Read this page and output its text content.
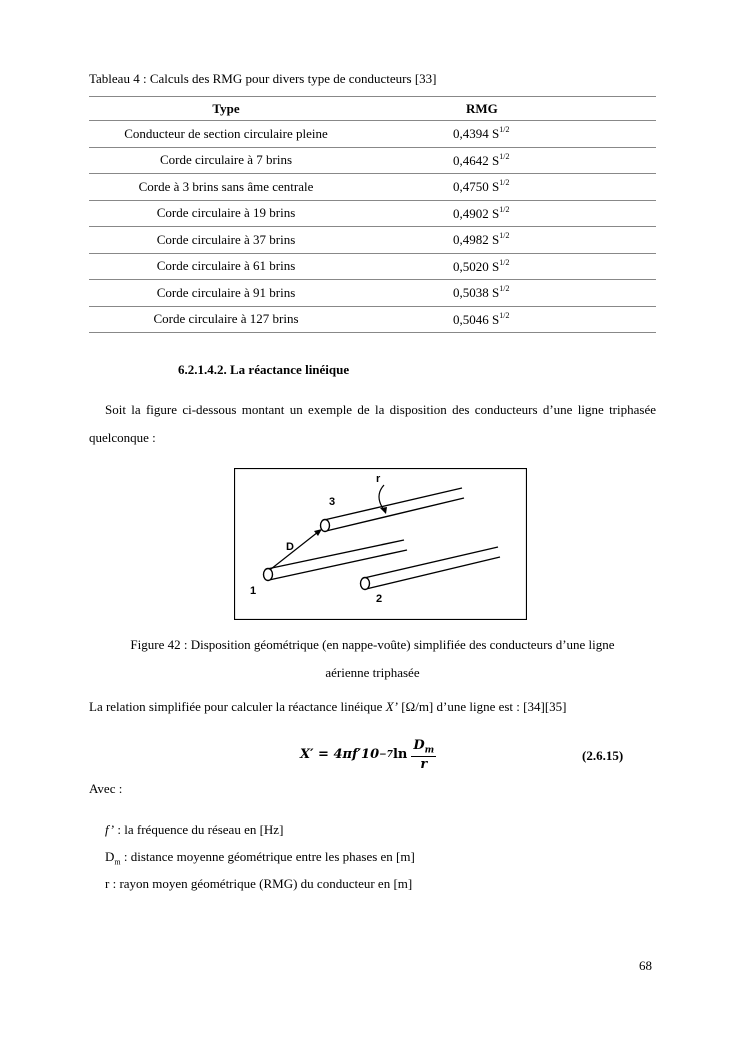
Tableau 4 : Calculs des RMG pour divers type de conducteurs [33]
Type	RMG
Conducteur de section circulaire pleine	0,4394 $S^{1/2}$
Corde circulaire à 7 brins	0,4642 $S^{1/2}$
Corde à 3 brins sans âme centrale	0,4750 $S^{1/2}$
Corde circulaire à 19 brins	0,4902 $S^{1/2}$
Corde circulaire à 37 brins	0,4982 $S^{1/2}$
Corde circulaire à 61 brins	0,5020 $S^{1/2}$
Corde circulaire à 91 brins	0,5038 $S^{1/2}$
Corde circulaire à 127 brins	0,5046 $S^{1/2}$
6.2.1.4.2. La réactance linéique
Soit la figure ci-dessous montant un exemple de la disposition des conducteurs d’une ligne triphasée quelconque :
r
3
D
1
2
Figure 42 : Disposition géométrique (en nappe-voûte) simplifiée des conducteurs d’une ligne
aérienne triphasée
La relation simplifiée pour calculer la réactance linéique X’ [Ω/m] d’une ligne est : [34][35]
X′ = 4πf′10 −7 $\ln \frac{D_m}{r}$	(2.6.15)
Avec :
f’ : la fréquence du réseau en [Hz]
$D_m$ : distance moyenne géométrique entre les phases en [m]
r : rayon moyen géométrique (RMG) du conducteur en [m]
68
